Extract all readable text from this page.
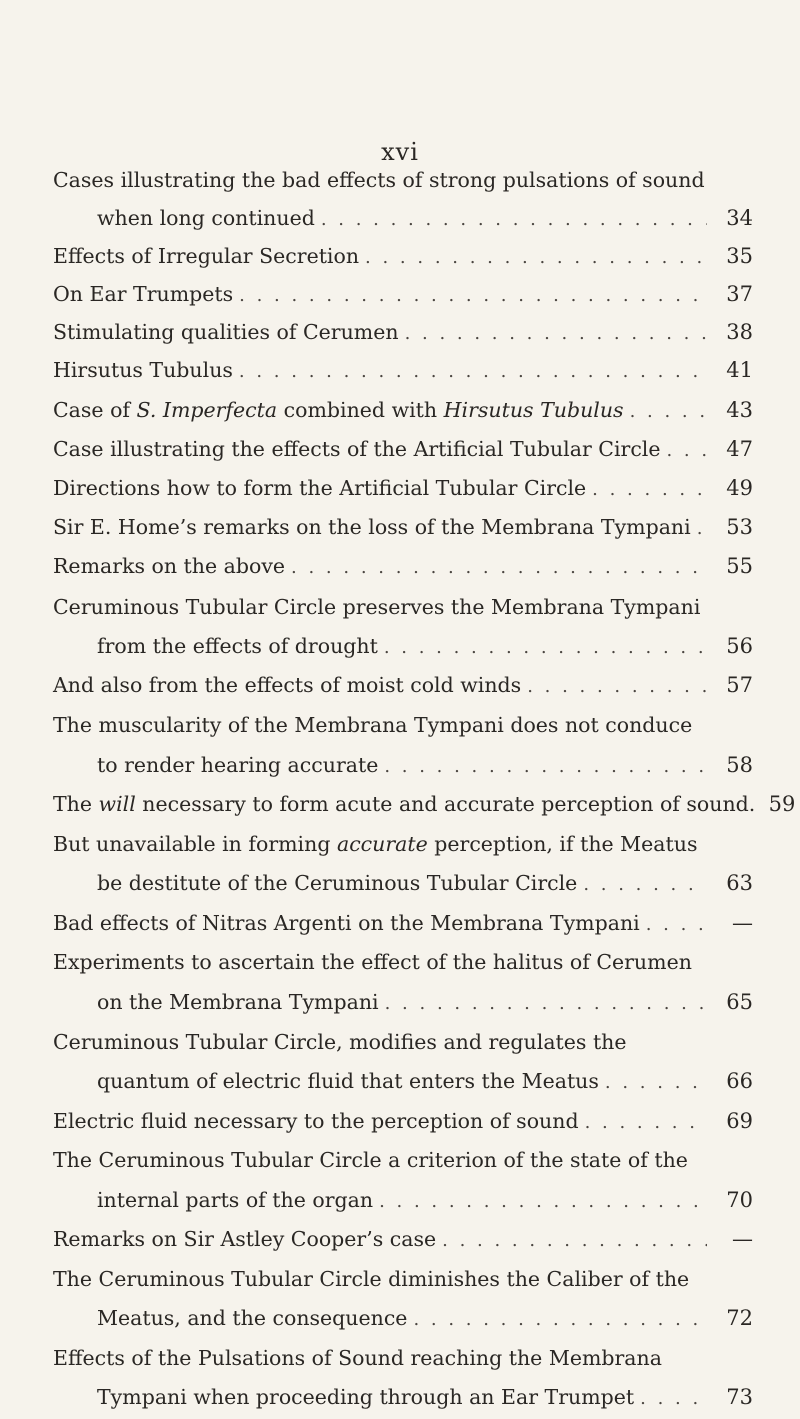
xvi
Cases illustrating the bad effects of strong pulsations of sound
when long continued . . .	34
Effects of Irregular Secretion . . .	35
On Ear Trumpets . . .	37
Stimulating qualities of Cerumen . . .	38
Hirsutus Tubulus . . .	41
Case of S. Imperfecta combined with Hirsutus Tubulus . . .	43
Case illustrating the effects of the Artificial Tubular Circle . . .	47
Directions how to form the Artificial Tubular Circle . . .	49
Sir E. Home’s remarks on the loss of the Membrana Tympani . . .	53
Remarks on the above . . .	55
Ceruminous Tubular Circle preserves the Membrana Tympani
from the effects of drought . . .	56
And also from the effects of moist cold winds . . .	57
The muscularity of the Membrana Tympani does not conduce
to render hearing accurate . . .	58
The will necessary to form acute and accurate perception of sound. 59
But unavailable in forming accurate perception, if the Meatus
be destitute of the Ceruminous Tubular Circle . . .	63
Bad effects of Nitras Argenti on the Membrana Tympani . . .	—
Experiments to ascertain the effect of the halitus of Cerumen
on the Membrana Tympani . . .	65
Ceruminous Tubular Circle, modifies and regulates the
quantum of electric fluid that enters the Meatus . . .	66
Electric fluid necessary to the perception of sound . . .	69
The Ceruminous Tubular Circle a criterion of the state of the
internal parts of the organ . . .	70
Remarks on Sir Astley Cooper’s case . . .	—
The Ceruminous Tubular Circle diminishes the Caliber of the
Meatus, and the consequence . . .	72
Effects of the Pulsations of Sound reaching the Membrana
Tympani when proceeding through an Ear Trumpet . . .	73
